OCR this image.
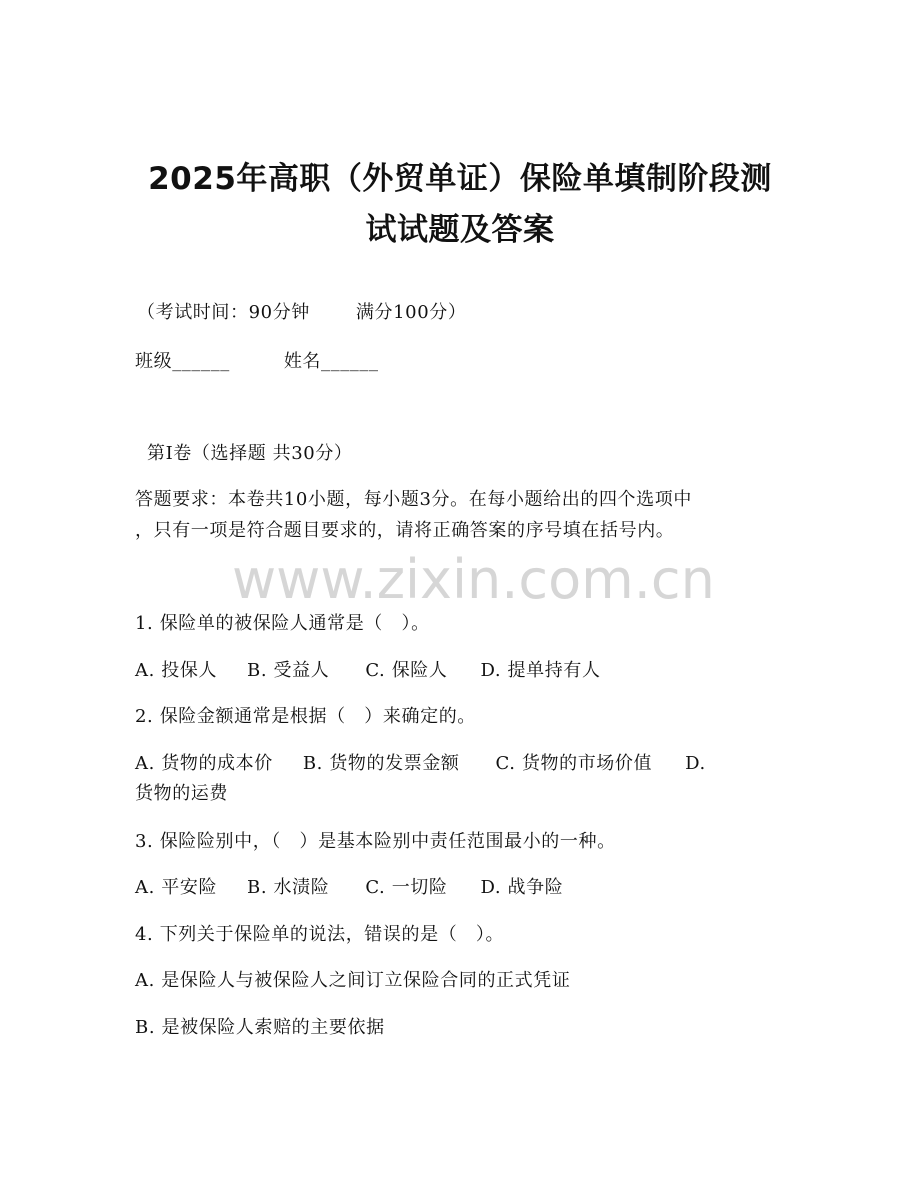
2025年高职（外贸单证）保险单填制阶段测
试试题及答案
（考试时间：90分钟	满分100分）
班级______	姓名______
第I卷（选择题 共30分）
答题要求：本卷共10小题，每小题3分。在每小题给出的四个选项中
，只有一项是符合题目要求的，请将正确答案的序号填在括号内。
www.zixin.com.cn
1. 保险单的被保险人通常是（　）。
A. 投保人 B. 受益人 C. 保险人 D. 提单持有人
2. 保险金额通常是根据（　）来确定的。
A. 货物的成本价 B. 货物的发票金额 C. 货物的市场价值 D.
货物的运费
3. 保险险别中，（　）是基本险别中责任范围最小的一种。
A. 平安险 B. 水渍险 C. 一切险 D. 战争险
4. 下列关于保险单的说法，错误的是（　）。
A. 是保险人与被保险人之间订立保险合同的正式凭证
B. 是被保险人索赔的主要依据
